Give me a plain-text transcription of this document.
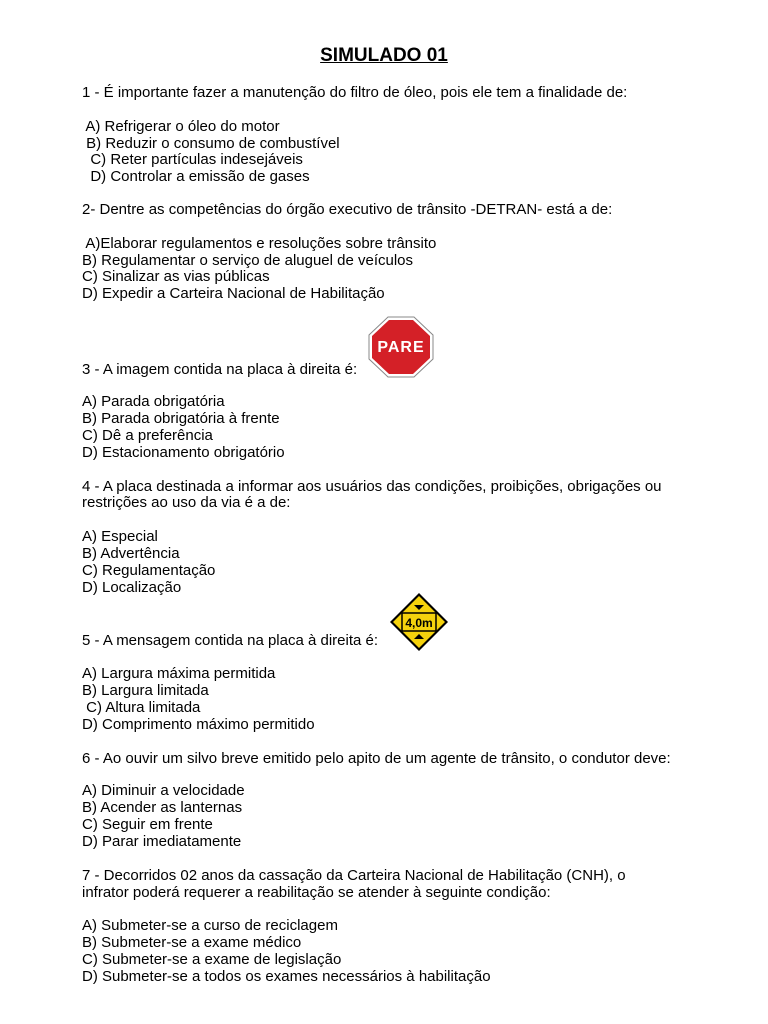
SIMULADO 01
1 - É importante fazer a manutenção do filtro de óleo, pois ele tem a finalidade de:
A) Refrigerar o óleo do motor
B) Reduzir o consumo de combustível
C) Reter partículas indesejáveis
D) Controlar a emissão de gases
2- Dentre as competências do órgão executivo de trânsito -DETRAN- está a de:
A)Elaborar regulamentos e resoluções sobre trânsito
B) Regulamentar o serviço de aluguel de veículos
C) Sinalizar as vias públicas
D) Expedir a Carteira Nacional de Habilitação
PARE
3 - A imagem contida na placa à direita é:
A) Parada obrigatória
B) Parada obrigatória à frente
C) Dê a preferência
D) Estacionamento obrigatório
4 - A placa destinada a informar aos usuários das condições, proibições, obrigações ou
restrições ao uso da via é a de:
A) Especial
B) Advertência
C) Regulamentação
D) Localização
4,0m
5 - A mensagem contida na placa à direita é:
A) Largura máxima permitida
B) Largura limitada
C) Altura limitada
D) Comprimento máximo permitido
6 - Ao ouvir um silvo breve emitido pelo apito de um agente de trânsito, o condutor deve:
A) Diminuir a velocidade
B) Acender as lanternas
C) Seguir em frente
D) Parar imediatamente
7 - Decorridos 02 anos da cassação da Carteira Nacional de Habilitação (CNH), o
infrator poderá requerer a reabilitação se atender à seguinte condição:
A) Submeter-se a curso de reciclagem
B) Submeter-se a exame médico
C) Submeter-se a exame de legislação
D) Submeter-se a todos os exames necessários à habilitação
